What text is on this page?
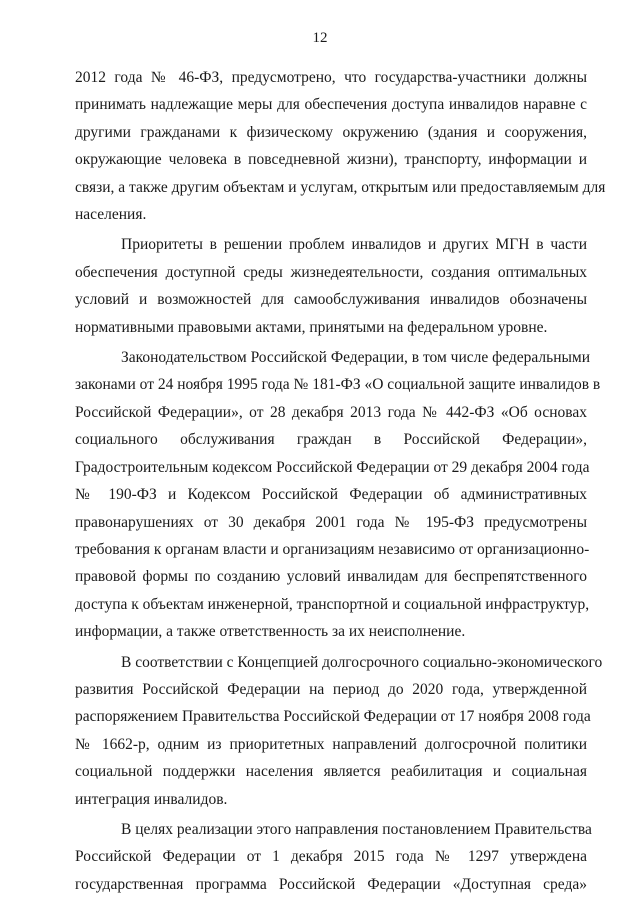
12
2012 года № 46-ФЗ, предусмотрено, что государства-участники должны
принимать надлежащие меры для обеспечения доступа инвалидов наравне с
другими гражданами к физическому окружению (здания и сооружения,
окружающие человека в повседневной жизни), транспорту, информации и
связи, а также другим объектам и услугам, открытым или предоставляемым для
населения.
Приоритеты в решении проблем инвалидов и других МГН в части
обеспечения доступной среды жизнедеятельности, создания оптимальных
условий и возможностей для самообслуживания инвалидов обозначены
нормативными правовыми актами, принятыми на федеральном уровне.
Законодательством Российской Федерации, в том числе федеральными
законами от 24 ноября 1995 года № 181-ФЗ «О социальной защите инвалидов в
Российской Федерации», от 28 декабря 2013 года № 442-ФЗ «Об основах
социального обслуживания граждан в Российской Федерации»,
Градостроительным кодексом Российской Федерации от 29 декабря 2004 года
№ 190-ФЗ и Кодексом Российской Федерации об административных
правонарушениях от 30 декабря 2001 года № 195-ФЗ предусмотрены
требования к органам власти и организациям независимо от организационно-
правовой формы по созданию условий инвалидам для беспрепятственного
доступа к объектам инженерной, транспортной и социальной инфраструктур,
информации, а также ответственность за их неисполнение.
В соответствии с Концепцией долгосрочного социально-экономического
развития Российской Федерации на период до 2020 года, утвержденной
распоряжением Правительства Российской Федерации от 17 ноября 2008 года
№ 1662-р, одним из приоритетных направлений долгосрочной политики
социальной поддержки населения является реабилитация и социальная
интеграция инвалидов.
В целях реализации этого направления постановлением Правительства
Российской Федерации от 1 декабря 2015 года № 1297 утверждена
государственная программа Российской Федерации «Доступная среда»
